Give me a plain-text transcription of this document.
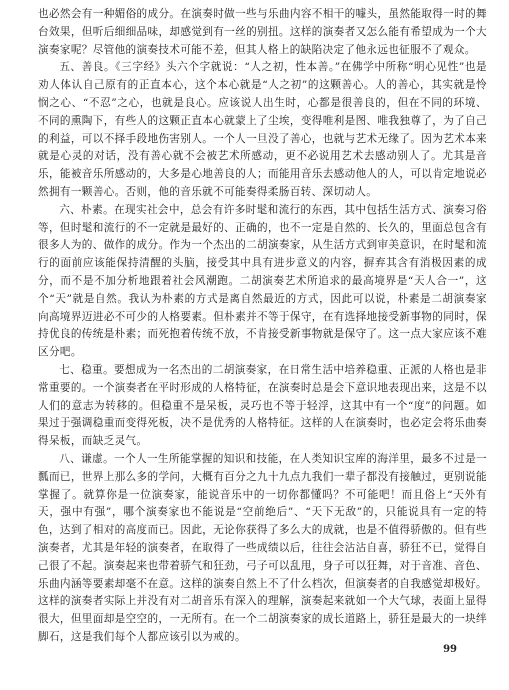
也必然会有一种媚俗的成分。在演奏时做一些与乐曲内容不相干的噱头，虽然能取得一时的舞台效果，但听后细细品味，却感觉到有一丝的别扭。这样的演奏者又怎么能有希望成为一个大演奏家呢？尽管他的演奏技术可能不差，但其人格上的缺陷决定了他永远也征服不了观众。

五、善良。《三字经》头六个字就说：“人之初，性本善。”在佛学中所称“明心见性”也是劝人体认自己原有的正直本心，这个本心就是“人之初”的这颗善心。人的善心，其实就是怜悯之心、“不忍”之心，也就是良心。应该说人出生时，心都是很善良的，但在不同的环境、不同的熏陶下，有些人的这颗正直本心就蒙上了尘埃，变得唯利是图、唯我独尊了，为了自己的利益，可以不择手段地伤害别人。一个人一旦没了善心，也就与艺术无缘了。因为艺术本来就是心灵的对话，没有善心就不会被艺术所感动，更不必说用艺术去感动别人了。尤其是音乐，能被音乐所感动的，大多是心地善良的人；而能用音乐去感动他人的人，可以肯定地说必然拥有一颗善心。否则，他的音乐就不可能奏得柔肠百转、深切动人。

六、朴素。在现实社会中，总会有许多时髦和流行的东西，其中包括生活方式、演奏习俗等，但时髦和流行的不一定就是最好的、正确的，也不一定是自然的、长久的，里面总包含有很多人为的、做作的成分。作为一个杰出的二胡演奏家，从生活方式到审美意识，在时髦和流行的面前应该能保持清醒的头脑，接受其中具有进步意义的内容，摒弃其含有消极因素的成分，而不是不加分析地跟着社会风潮跑。二胡演奏艺术所追求的最高境界是“天人合一”，这个“天”就是自然。我认为朴素的方式是离自然最近的方式，因此可以说，朴素是二胡演奏家向高境界迈进必不可少的人格要素。但朴素并不等于保守，在有选择地接受新事物的同时，保持优良的传统是朴素；而死抱着传统不放，不肯接受新事物就是保守了。这一点大家应该不难区分吧。

七、稳重。要想成为一名杰出的二胡演奏家，在日常生活中培养稳重、正派的人格也是非常重要的。一个演奏者在平时形成的人格特征，在演奏时总是会下意识地表现出来，这是不以人们的意志为转移的。但稳重不是呆板，灵巧也不等于轻浮，这其中有一个“度”的问题。如果过于强调稳重而变得死板，决不是优秀的人格特征。这样的人在演奏时，也必定会将乐曲奏得呆板，而缺乏灵气。

八、谦虚。一个人一生所能掌握的知识和技能，在人类知识宝库的海洋里，最多不过是一瓢而已，世界上那么多的学问，大概有百分之九十九点九我们一辈子都没有接触过，更别说能掌握了。就算你是一位演奏家，能说音乐中的一切你都懂吗？不可能吧！而且俗上“天外有天，强中有强”，哪个演奏家也不能说是“空前绝后”、“天下无敌”的，只能说具有一定的特色，达到了相对的高度而已。因此，无论你获得了多么大的成就，也是不值得骄傲的。但有些演奏者，尤其是年轻的演奏者，在取得了一些成绩以后，往往会沾沾自喜，骄狂不已，觉得自己很了不起。演奏起来也带着骄气和狂劲，弓子可以乱甩，身子可以狂舞，对于音准、音色、乐曲内涵等要素却毫不在意。这样的演奏自然上不了什么档次，但演奏者的自我感觉却极好。这样的演奏者实际上并没有对二胡音乐有深入的理解，演奏起来就如一个大气球，表面上显得很大，但里面却是空空的，一无所有。在一个二胡演奏家的成长道路上，骄狂是最大的一块绊脚石，这是我们每个人都应该引以为戒的。

99
